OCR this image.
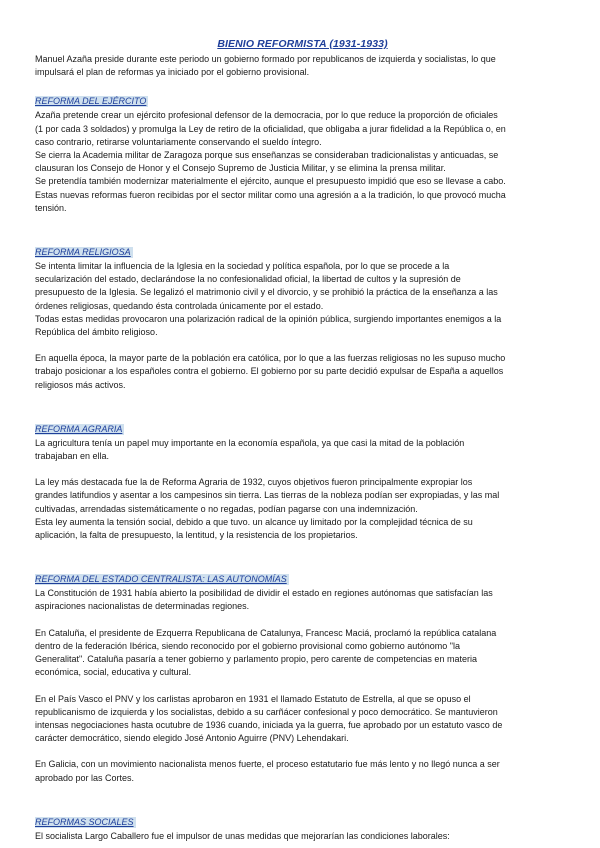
BIENIO REFORMISTA (1931-1933)
Manuel Azaña preside durante este periodo un gobierno formado por republicanos de izquierda y socialistas, lo que
impulsará el plan de reformas ya iniciado por el gobierno provisional.
REFORMA DEL EJÉRCITO
Azaña pretende crear un ejército profesional defensor de la democracia, por lo que reduce la proporción de oficiales
(1 por cada 3 soldados) y promulga la Ley de retiro de la oficialidad, que obligaba a jurar fidelidad a la República o, en
caso contrario, retirarse voluntariamente conservando el sueldo íntegro.
Se cierra la Academia militar de Zaragoza porque sus enseñanzas se consideraban tradicionalistas y anticuadas, se
clausuran los Consejo de Honor y el Consejo Supremo de Justicia Militar, y se elimina la prensa militar.
Se pretendía también modernizar materialmente el ejército, aunque el presupuesto impidió que eso se llevase a cabo.
Estas nuevas reformas fueron recibidas por el sector militar como una agresión a a la tradición, lo que provocó mucha
tensión.
REFORMA RELIGIOSA
Se intenta limitar la influencia de la Iglesia en la sociedad y política española, por lo que se procede a la
secularización del estado, declarándose la no confesionalidad oficial, la libertad de cultos y la supresión de
presupuesto de la Iglesia. Se legalizó el matrimonio civil y el divorcio, y se prohibió la práctica de la enseñanza a las
órdenes religiosas, quedando ésta controlada únicamente por el estado.
Todas estas medidas provocaron una polarización radical de la opinión pública, surgiendo importantes enemigos a la
República del ámbito religioso.
En aquella época, la mayor parte de la población era católica, por lo que a las fuerzas religiosas no les supuso mucho
trabajo posicionar a los españoles contra el gobierno. El gobierno por su parte decidió expulsar de España a aquellos
religiosos más activos.
REFORMA AGRARIA
La agricultura tenía un papel muy importante en la economía española, ya que casi la mitad de la población
trabajaban en ella.
La ley más destacada fue la de Reforma Agraria de 1932, cuyos objetivos fueron principalmente expropiar los
grandes latifundios y asentar a los campesinos sin tierra. Las tierras de la nobleza podían ser expropiadas, y las mal
cultivadas, arrendadas sistemáticamente o no regadas, podían pagarse con una indemnización.
Esta ley aumenta la tensión social, debido a que tuvo. un alcance uy limitado por la complejidad técnica de su
aplicación, la falta de presupuesto, la lentitud, y la resistencia de los propietarios.
REFORMA DEL ESTADO CENTRALISTA: LAS AUTONOMÍAS
La Constitución de 1931 había abierto la posibilidad de dividir el estado en regiones autónomas que satisfacían las
aspiraciones nacionalistas de determinadas regiones.
En Cataluña, el presidente de Ezquerra Republicana de Catalunya, Francesc Maciá, proclamó la república catalana
dentro de la federación Ibérica, siendo reconocido por el gobierno provisional como gobierno autónomo "la
Generalitat". Cataluña pasaría a tener gobierno y parlamento propio, pero carente de competencias en materia
económica, social, educativa y cultural.
En el País Vasco el PNV y los carlistas aprobaron en 1931 el llamado Estatuto de Estrella, al que se opuso el
republicanismo de izquierda y los socialistas, debido a su carñácer confesional y poco democrático. Se mantuvieron
intensas negociaciones hasta ocutubre de 1936 cuando, iniciada ya la guerra, fue aprobado por un estatuto vasco de
carácter democrático, siendo elegido José Antonio Aguirre (PNV) Lehendakari.
En Galicia, con un movimiento nacionalista menos fuerte, el proceso estatutario fue más lento y no llegó nunca a ser
aprobado por las Cortes.
REFORMAS SOCIALES
El socialista Largo Caballero fue el impulsor de unas medidas que mejorarían las condiciones laborales:
